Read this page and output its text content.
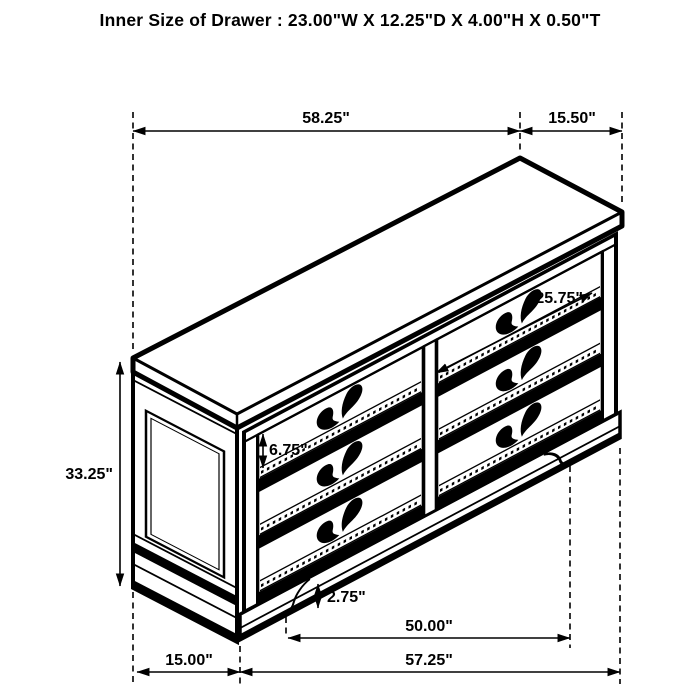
Inner Size of Drawer : 23.00"W X 12.25"D X 4.00"H X 0.50"T
58.25"	15.50"
33.25"
6.75"
2.75"
25.75"
50.00"
57.25"
15.00"
